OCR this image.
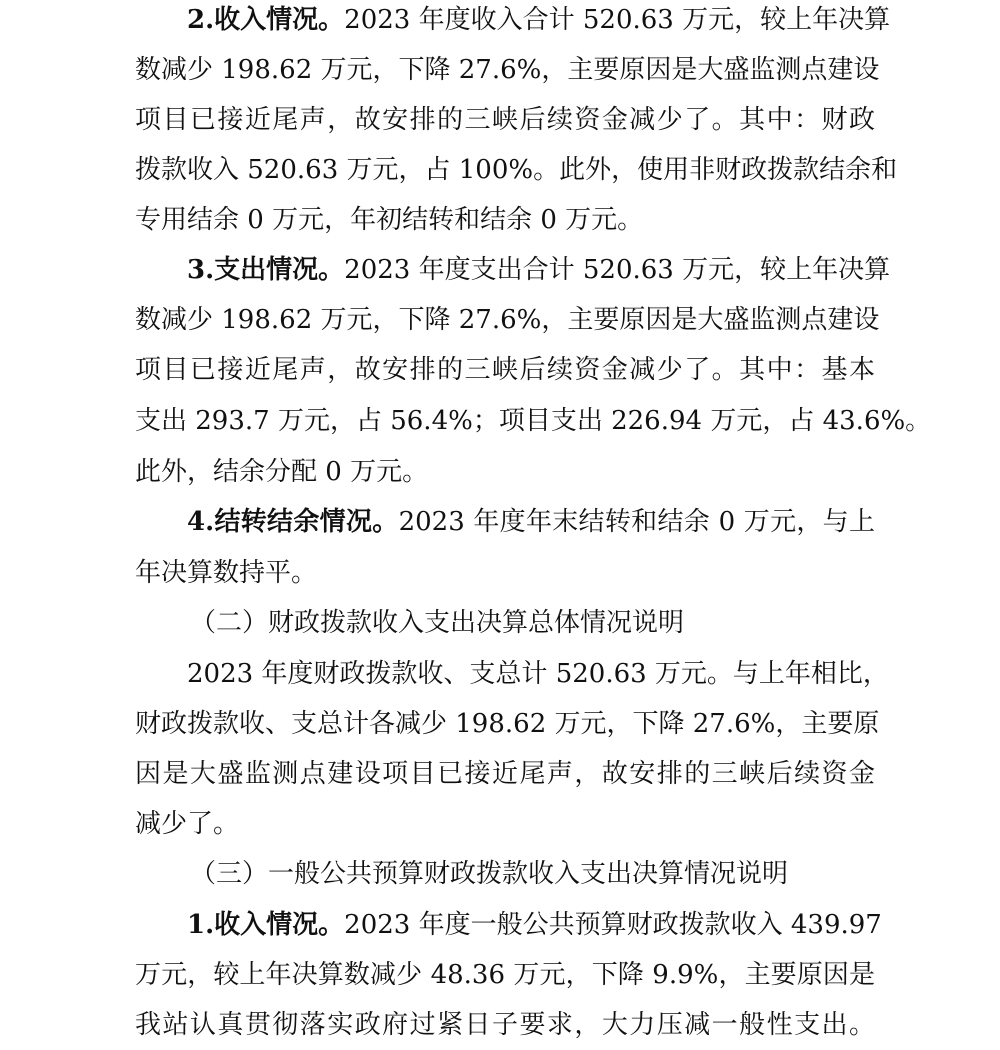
2.收入情况。2023 年度收入合计 520.63 万元，较上年决算
数减少 198.62 万元，下降 27.6%，主要原因是大盛监测点建设
项目已接近尾声，故安排的三峡后续资金减少了。其中：财政
拨款收入 520.63 万元，占 100%。此外，使用非财政拨款结余和
专用结余 0 万元，年初结转和结余 0 万元。
3.支出情况。2023 年度支出合计 520.63 万元，较上年决算
数减少 198.62 万元，下降 27.6%，主要原因是大盛监测点建设
项目已接近尾声，故安排的三峡后续资金减少了。其中：基本
支出 293.7 万元，占 56.4%；项目支出 226.94 万元，占 43.6%。
此外，结余分配 0 万元。
4.结转结余情况。2023 年度年末结转和结余 0 万元，与上
年决算数持平。
（二）财政拨款收入支出决算总体情况说明
2023 年度财政拨款收、支总计 520.63 万元。与上年相比，
财政拨款收、支总计各减少 198.62 万元，下降 27.6%，主要原
因是大盛监测点建设项目已接近尾声，故安排的三峡后续资金
减少了。
（三）一般公共预算财政拨款收入支出决算情况说明
1.收入情况。2023 年度一般公共预算财政拨款收入 439.97
万元，较上年决算数减少 48.36 万元，下降 9.9%，主要原因是
我站认真贯彻落实政府过紧日子要求，大力压减一般性支出。
